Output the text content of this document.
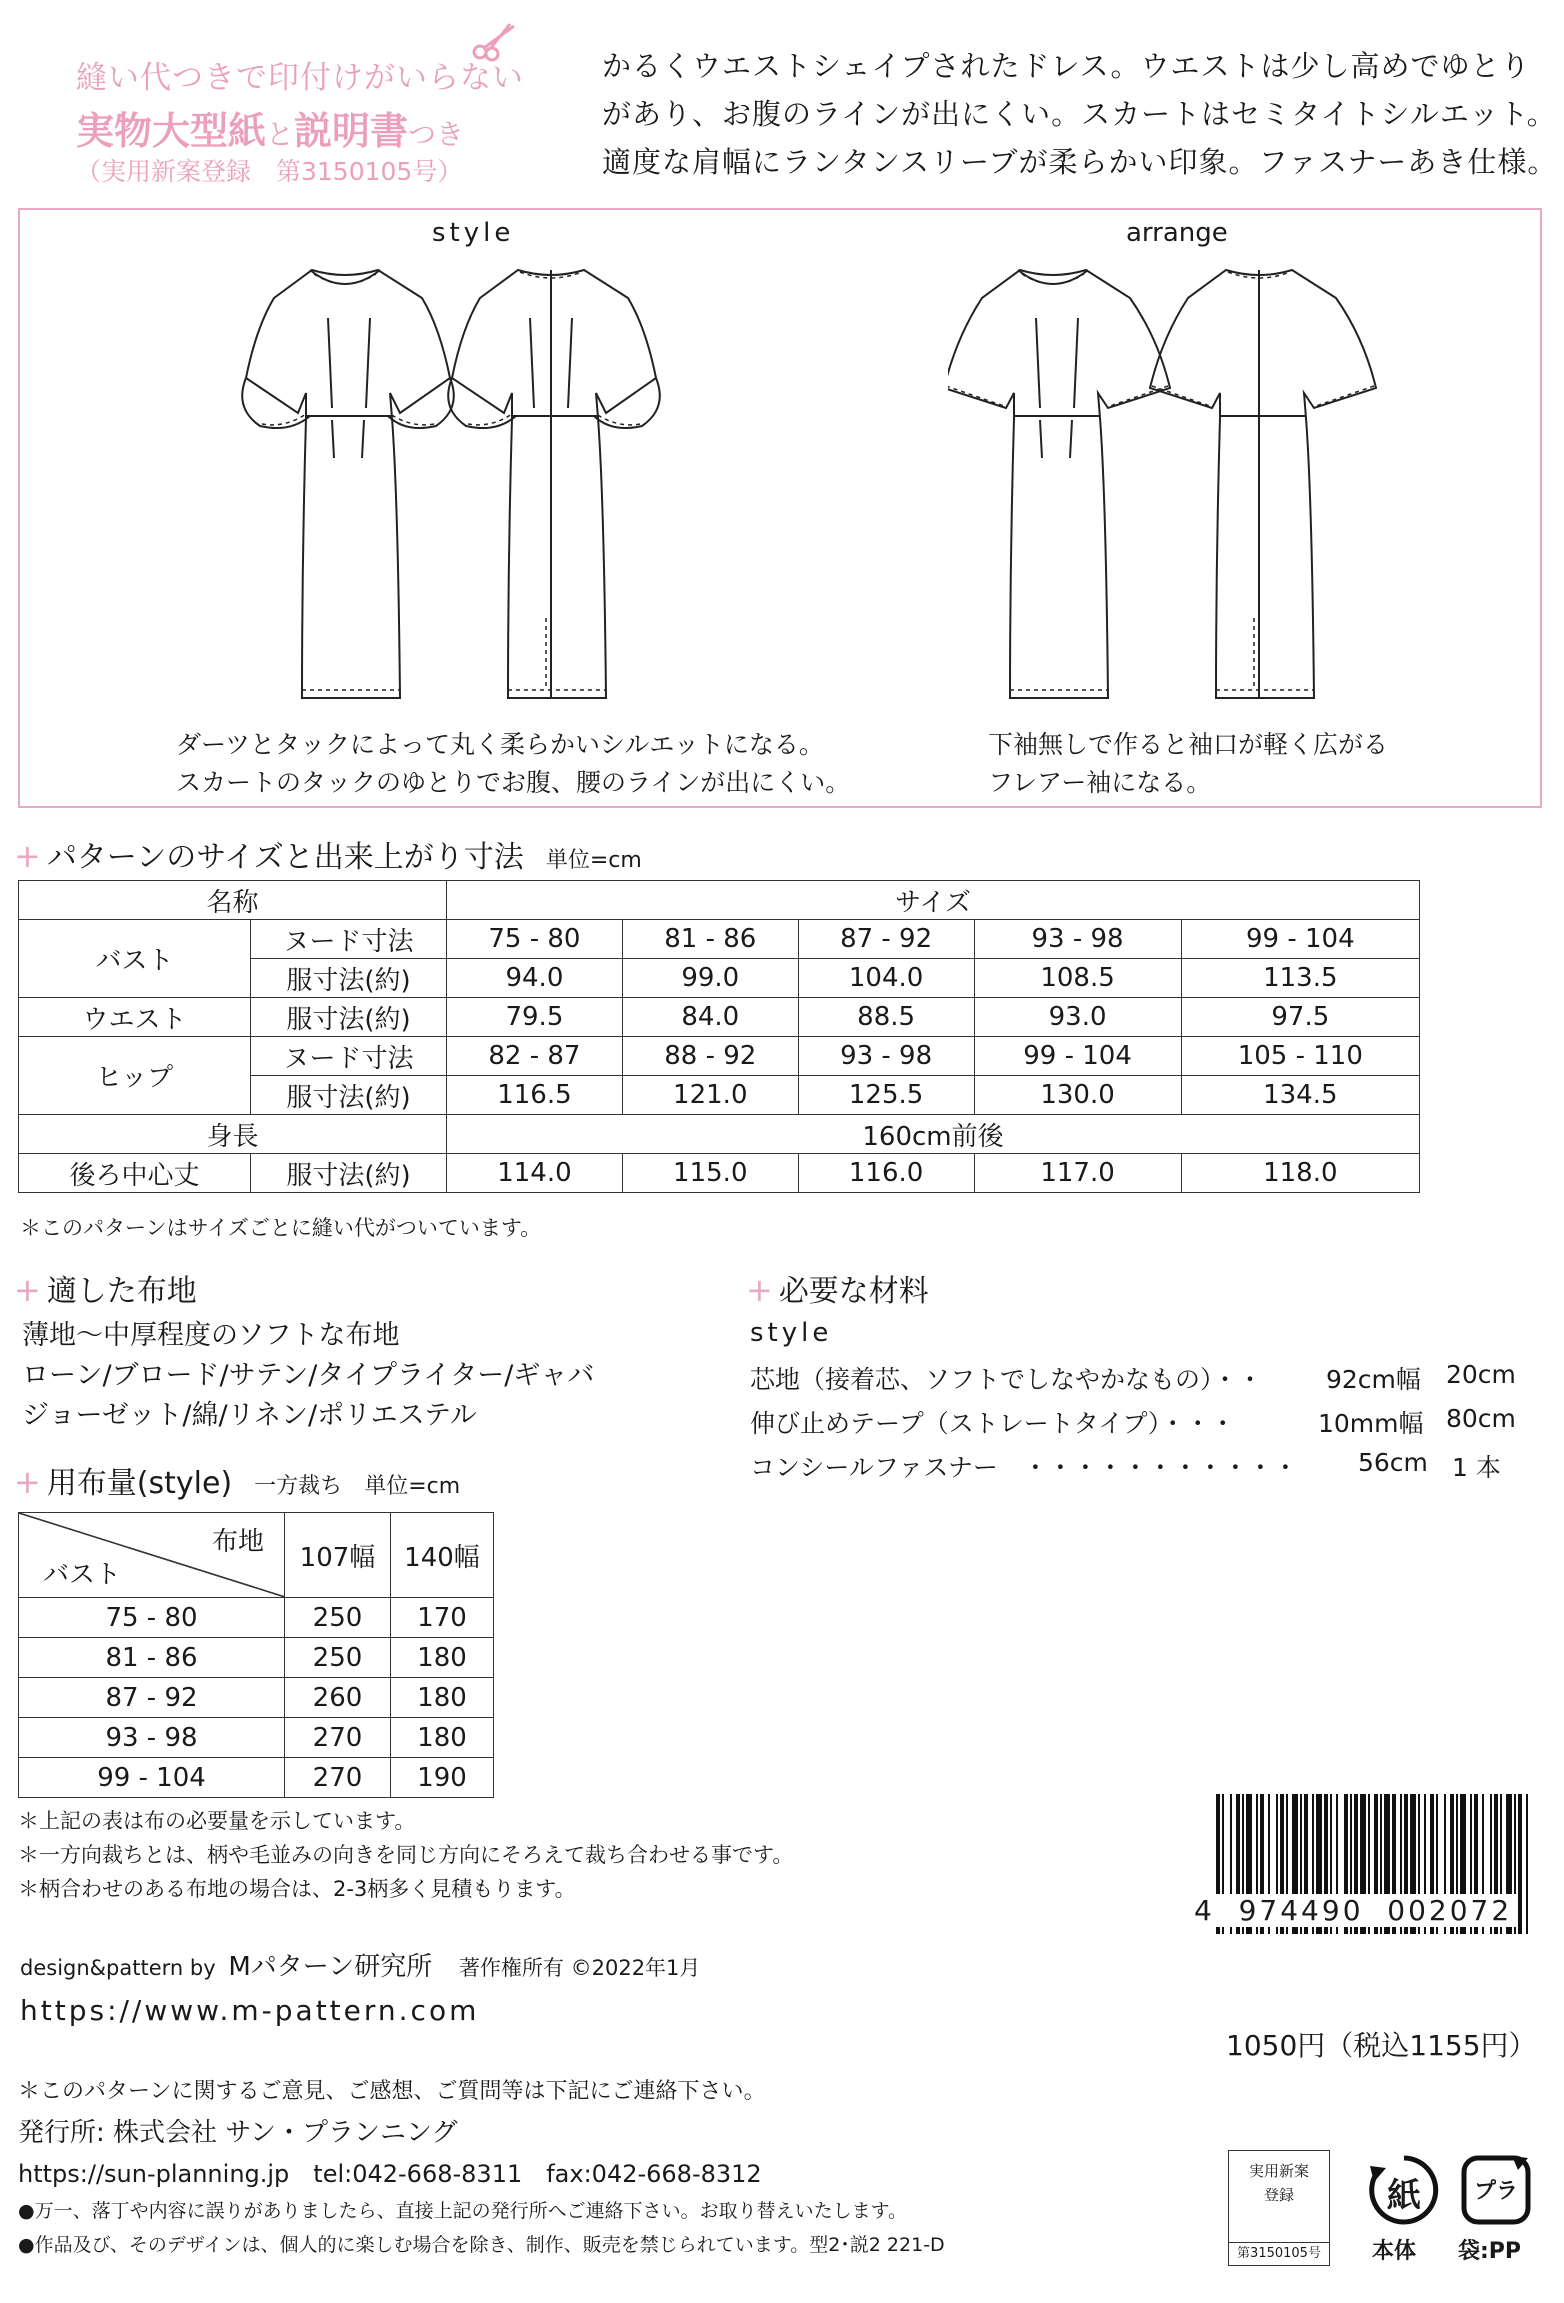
縫い代つきで印付けがいらない
実物大型紙と説明書つき
（実用新案登録　第3150105号）
かるくウエストシェイプされたドレス。ウエストは少し高めでゆとり
があり、お腹のラインが出にくい。スカートはセミタイトシルエット。
適度な肩幅にランタンスリーブが柔らかい印象。ファスナーあき仕様。
style	arrange
ダーツとタックによって丸く柔らかいシルエットになる。
スカートのタックのゆとりでお腹、腰のラインが出にくい。
下袖無しで作ると袖口が軽く広がる
フレアー袖になる。
+ パターンのサイズと出来上がり寸法 単位=cm
名称		サイズ				
バスト	ヌード寸法	75 - 80	81 - 86	87 - 92	93 - 98	99 - 104
	服寸法(約)	94.0	99.0	104.0	108.5	113.5
ウエスト	服寸法(約)	79.5	84.0	88.5	93.0	97.5
ヒップ	ヌード寸法	82 - 87	88 - 92	93 - 98	99 - 104	105 - 110
	服寸法(約)	116.5	121.0	125.5	130.0	134.5
身長		160cm前後				
後ろ中心丈	服寸法(約)	114.0	115.0	116.0	117.0	118.0
＊このパターンはサイズごとに縫い代がついています。
+ 適した布地
薄地〜中厚程度のソフトな布地
ローン/ブロード/サテン/タイプライター/ギャバ
ジョーゼット/綿/リネン/ポリエステル
+ 必要な材料
style
芯地（接着芯、ソフトでしなやかなもの）・・	92cm幅 20cm
伸び止めテープ（ストレートタイプ）・・・	10mm幅 80cm
コンシールファスナー　・・・・・・・・・・・ 56cm 1 本
+ 用布量(style) 一方裁ち 単位=cm
布地
バスト	107幅	140幅
75 - 80	250	170
81 - 86	250	180
87 - 92	260	180
93 - 98	270	180
99 - 104	270	190
＊上記の表は布の必要量を示しています。
＊一方向裁ちとは、柄や毛並みの向きを同じ方向にそろえて裁ち合わせる事です。
＊柄合わせのある布地の場合は、2-3柄多く見積もります。
4  974490  002072
design&pattern by Mパターン研究所 著作権所有 ©2022年1月
https://www.m-pattern.com
1050円（税込1155円）
＊このパターンに関するご意見、ご感想、ご質問等は下記にご連絡下さい。
発行所: 株式会社 サン・プランニング
https://sun-planning.jp　tel:042-668-8311　fax:042-668-8312
●万一、落丁や内容に誤りがありましたら、直接上記の発行所へご連絡下さい。お取り替えいたします。
●作品及び、そのデザインは、個人的に楽しむ場合を除き、制作、販売を禁じられています。型2･説2 221-D
実用新案
登録
第3150105号
紙
本体
プラ
袋:PP
